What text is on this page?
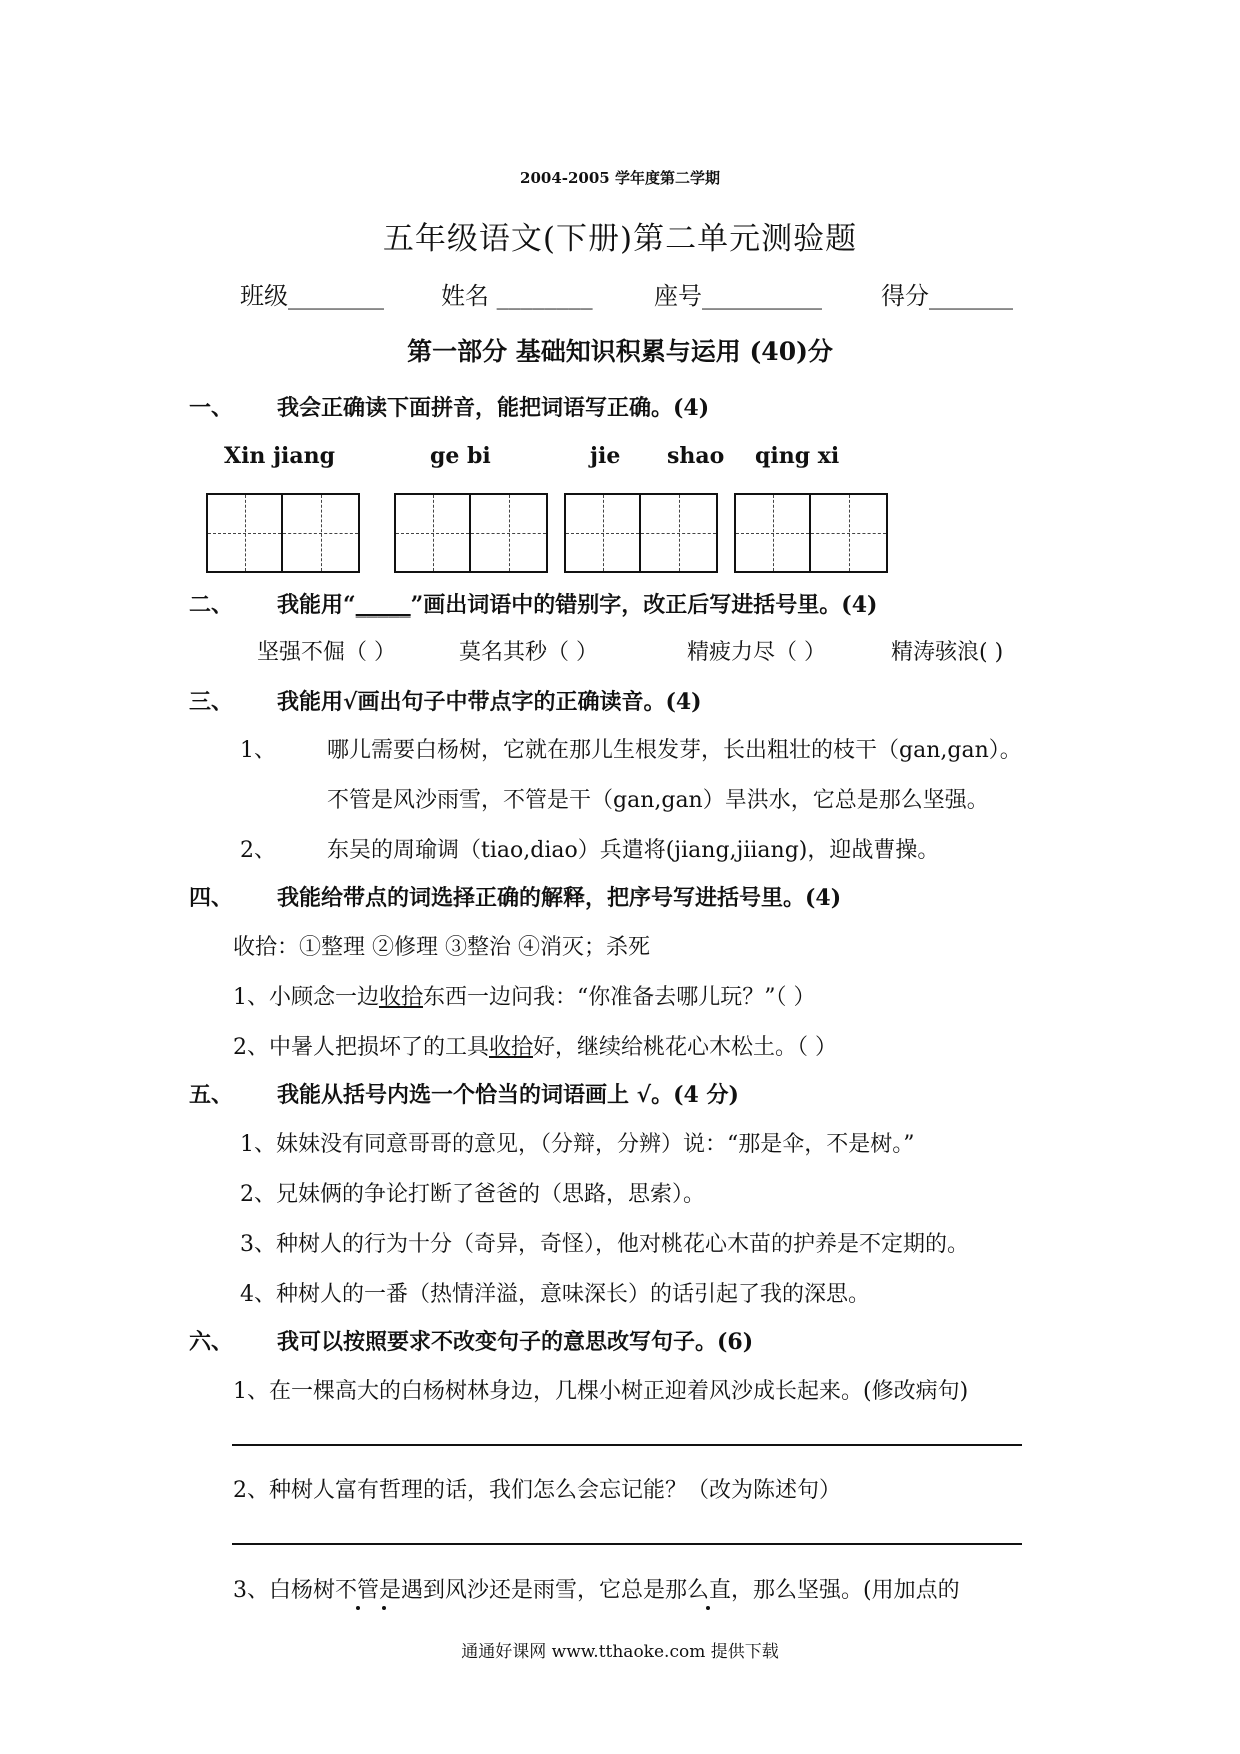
2004-2005 学年度第二学期
五年级语文(下册)第二单元测验题
班级________ 姓名 ________	座号__________ 得分_______
第一部分 基础知识积累与运用 (40)分
一、 我会正确读下面拼音，能把词语写正确。(4)
Xin jiang	ge bi	jie shao qing xi
二、 我能用“_____”画出词语中的错别字，改正后写进括号里。(4)
坚强不倔（ ）	莫名其秒（ ）	精疲力尽（ ）	精涛骇浪( )
三、 我能用√画出句子中带点字的正确读音。(4)
1、 哪儿需要白杨树，它就在那儿生根发芽，长出粗壮的枝干（gan,gan）。
不管是风沙雨雪，不管是干（gan,gan）旱洪水，它总是那么坚强。
2、 东吴的周瑜调（tiao,diao）兵遣将(jiang,jiiang)，迎战曹操。
四、 我能给带点的词选择正确的解释，把序号写进括号里。(4)
收拾：①整理 ②修理 ③整治 ④消灭；杀死
1、小顾念一边收拾东西一边问我：“你准备去哪儿玩？”（ ）
2、中暑人把损坏了的工具收拾好，继续给桃花心木松土。（ ）
五、 我能从括号内选一个恰当的词语画上 √。(4 分)
1、妹妹没有同意哥哥的意见，（分辩，分辨）说：“那是伞，不是树。”
2、兄妹俩的争论打断了爸爸的（思路，思索）。
3、种树人的行为十分（奇异，奇怪），他对桃花心木苗的护养是不定期的。
4、种树人的一番（热情洋溢，意味深长）的话引起了我的深思。
六、 我可以按照要求不改变句子的意思改写句子。(6)
1、在一棵高大的白杨树林身边，几棵小树正迎着风沙成长起来。(修改病句)
2、种树人富有哲理的话，我们怎么会忘记能？（改为陈述句）
3、白杨树不管是遇到风沙还是雨雪，它总是那么直，那么坚强。(用加点的
通通好课网 www.tthaoke.com 提供下载
